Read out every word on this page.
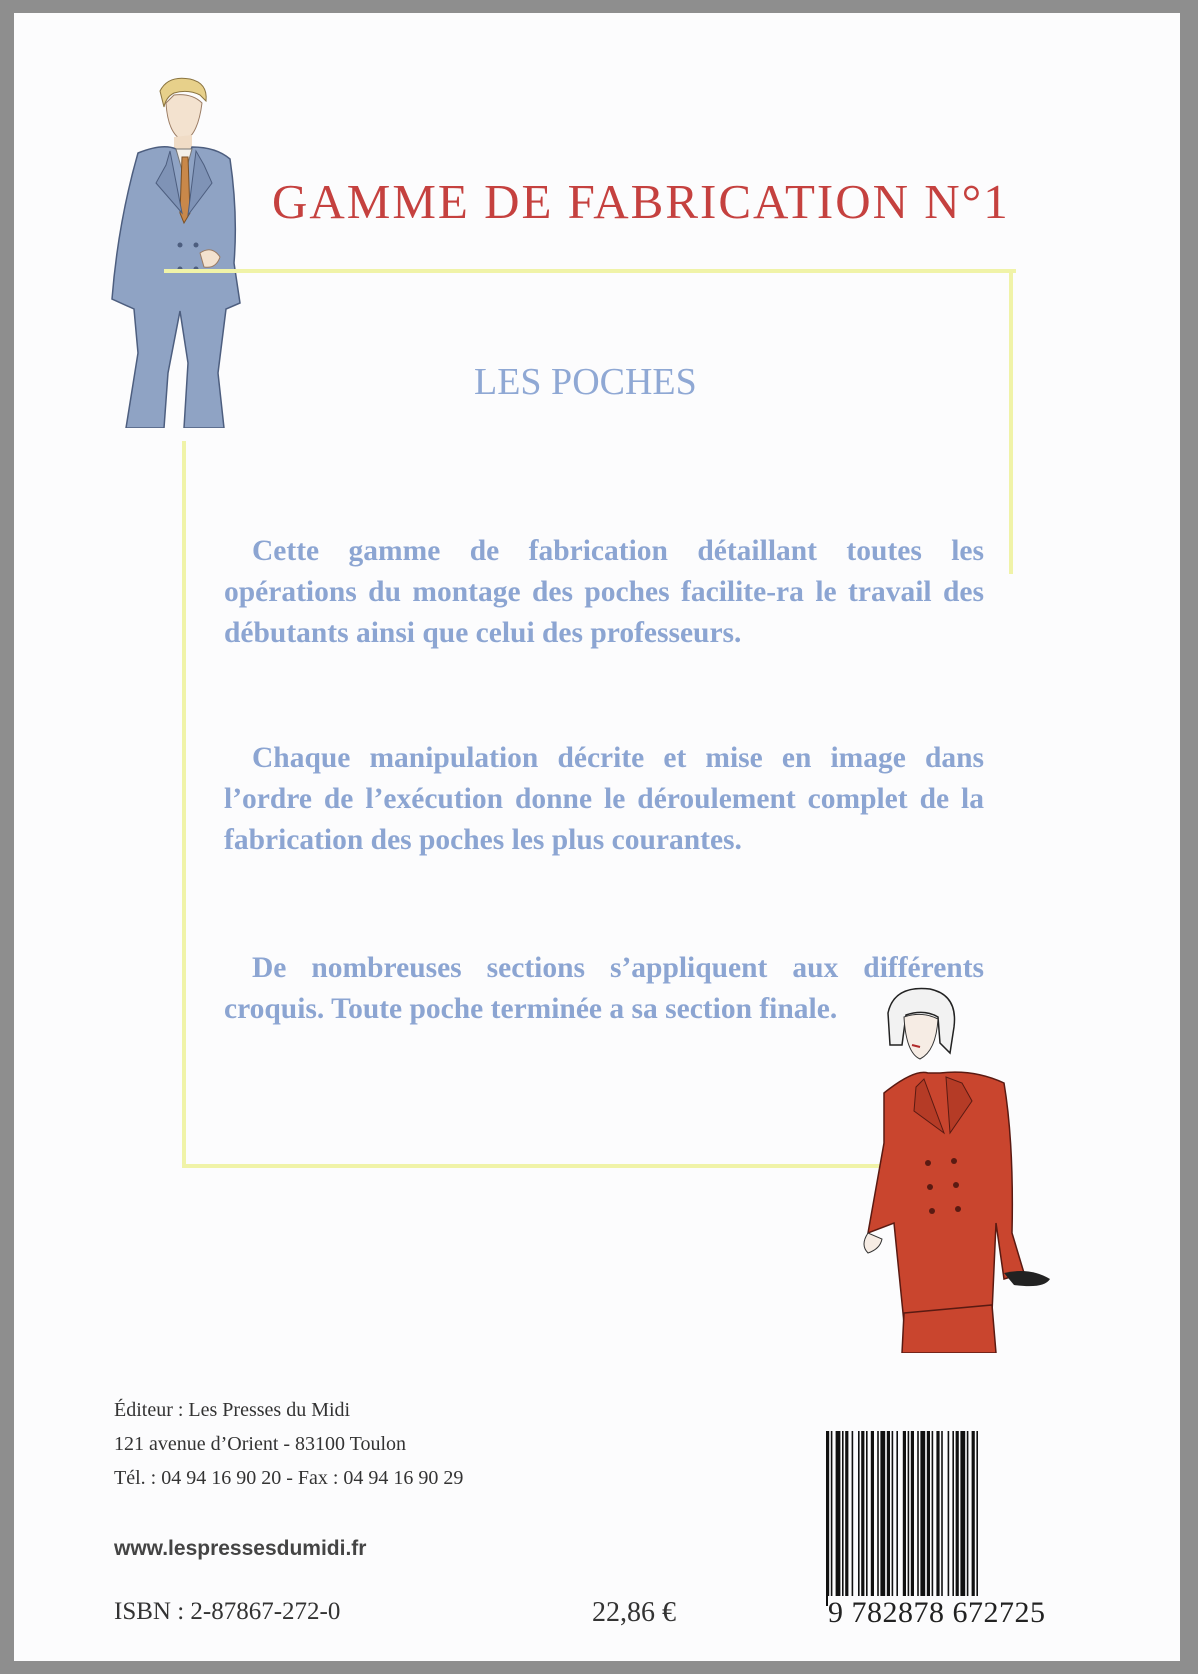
GAMME DE FABRICATION N°1
LES POCHES

Cette gamme de fabrication détaillant toutes les opérations du montage des poches facilite-ra le travail des débutants ainsi que celui des professeurs.

Chaque manipulation décrite et mise en image dans l’ordre de l’exécution donne le déroulement complet de la fabrication des poches les plus courantes.

De nombreuses sections s’appliquent aux différents croquis. Toute poche terminée a sa section finale.

Éditeur : Les Presses du Midi
121 avenue d’Orient - 83100 Toulon
Tél. : 04 94 16 90 20 - Fax : 04 94 16 90 29
www.lespressesdumidi.fr
ISBN : 2-87867-272-0	22,86 €	9 782878 672725
